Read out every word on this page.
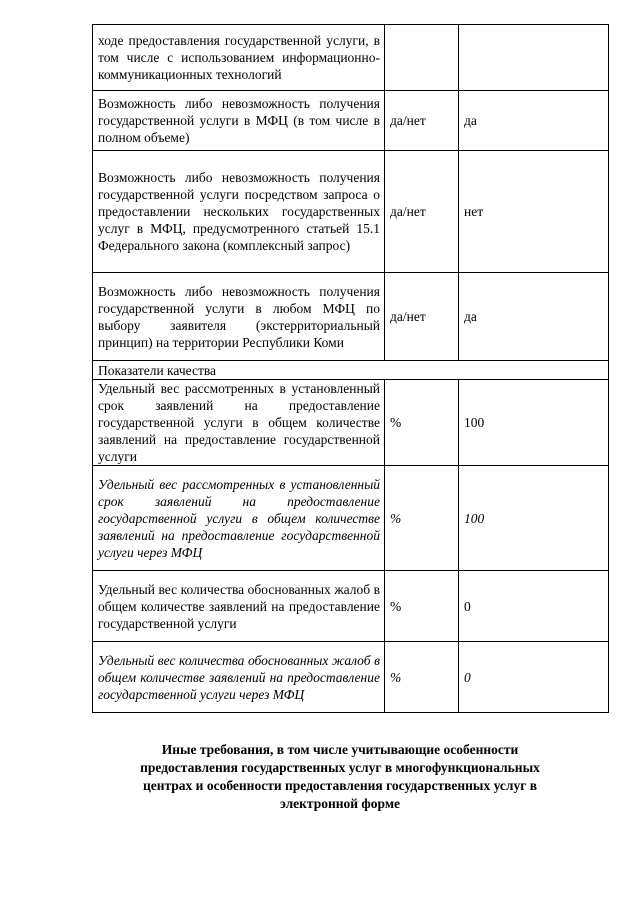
ходе предоставления государственной услуги, в том числе с использованием информационно-коммуникационных технологий		
Возможность либо невозможность получения государственной услуги в МФЦ (в том числе в полном объеме)	да/нет	да
Возможность либо невозможность получения государственной услуги посредством запроса о предоставлении нескольких государственных услуг в МФЦ, предусмотренного статьей 15.1 Федерального закона (комплексный запрос)	да/нет	нет
Возможность либо невозможность получения государственной услуги в любом МФЦ по выбору заявителя (экстерриториальный принцип) на территории Республики Коми	да/нет	да
Показатели качества		
Удельный вес рассмотренных в установленный срок заявлений на предоставление государственной услуги в общем количестве заявлений на предоставление государственной услуги	%	100
Удельный вес рассмотренных в установленный срок заявлений на предоставление государственной услуги в общем количестве заявлений на предоставление государственной услуги через МФЦ	%	100
Удельный вес количества обоснованных жалоб в общем количестве заявлений на предоставление государственной услуги	%	0
Удельный вес количества обоснованных жалоб в общем количестве заявлений на предоставление государственной услуги через МФЦ	%	0
Иные требования, в том числе учитывающие особенности предоставления государственных услуг в многофункциональных центрах и особенности предоставления государственных услуг в электронной форме
